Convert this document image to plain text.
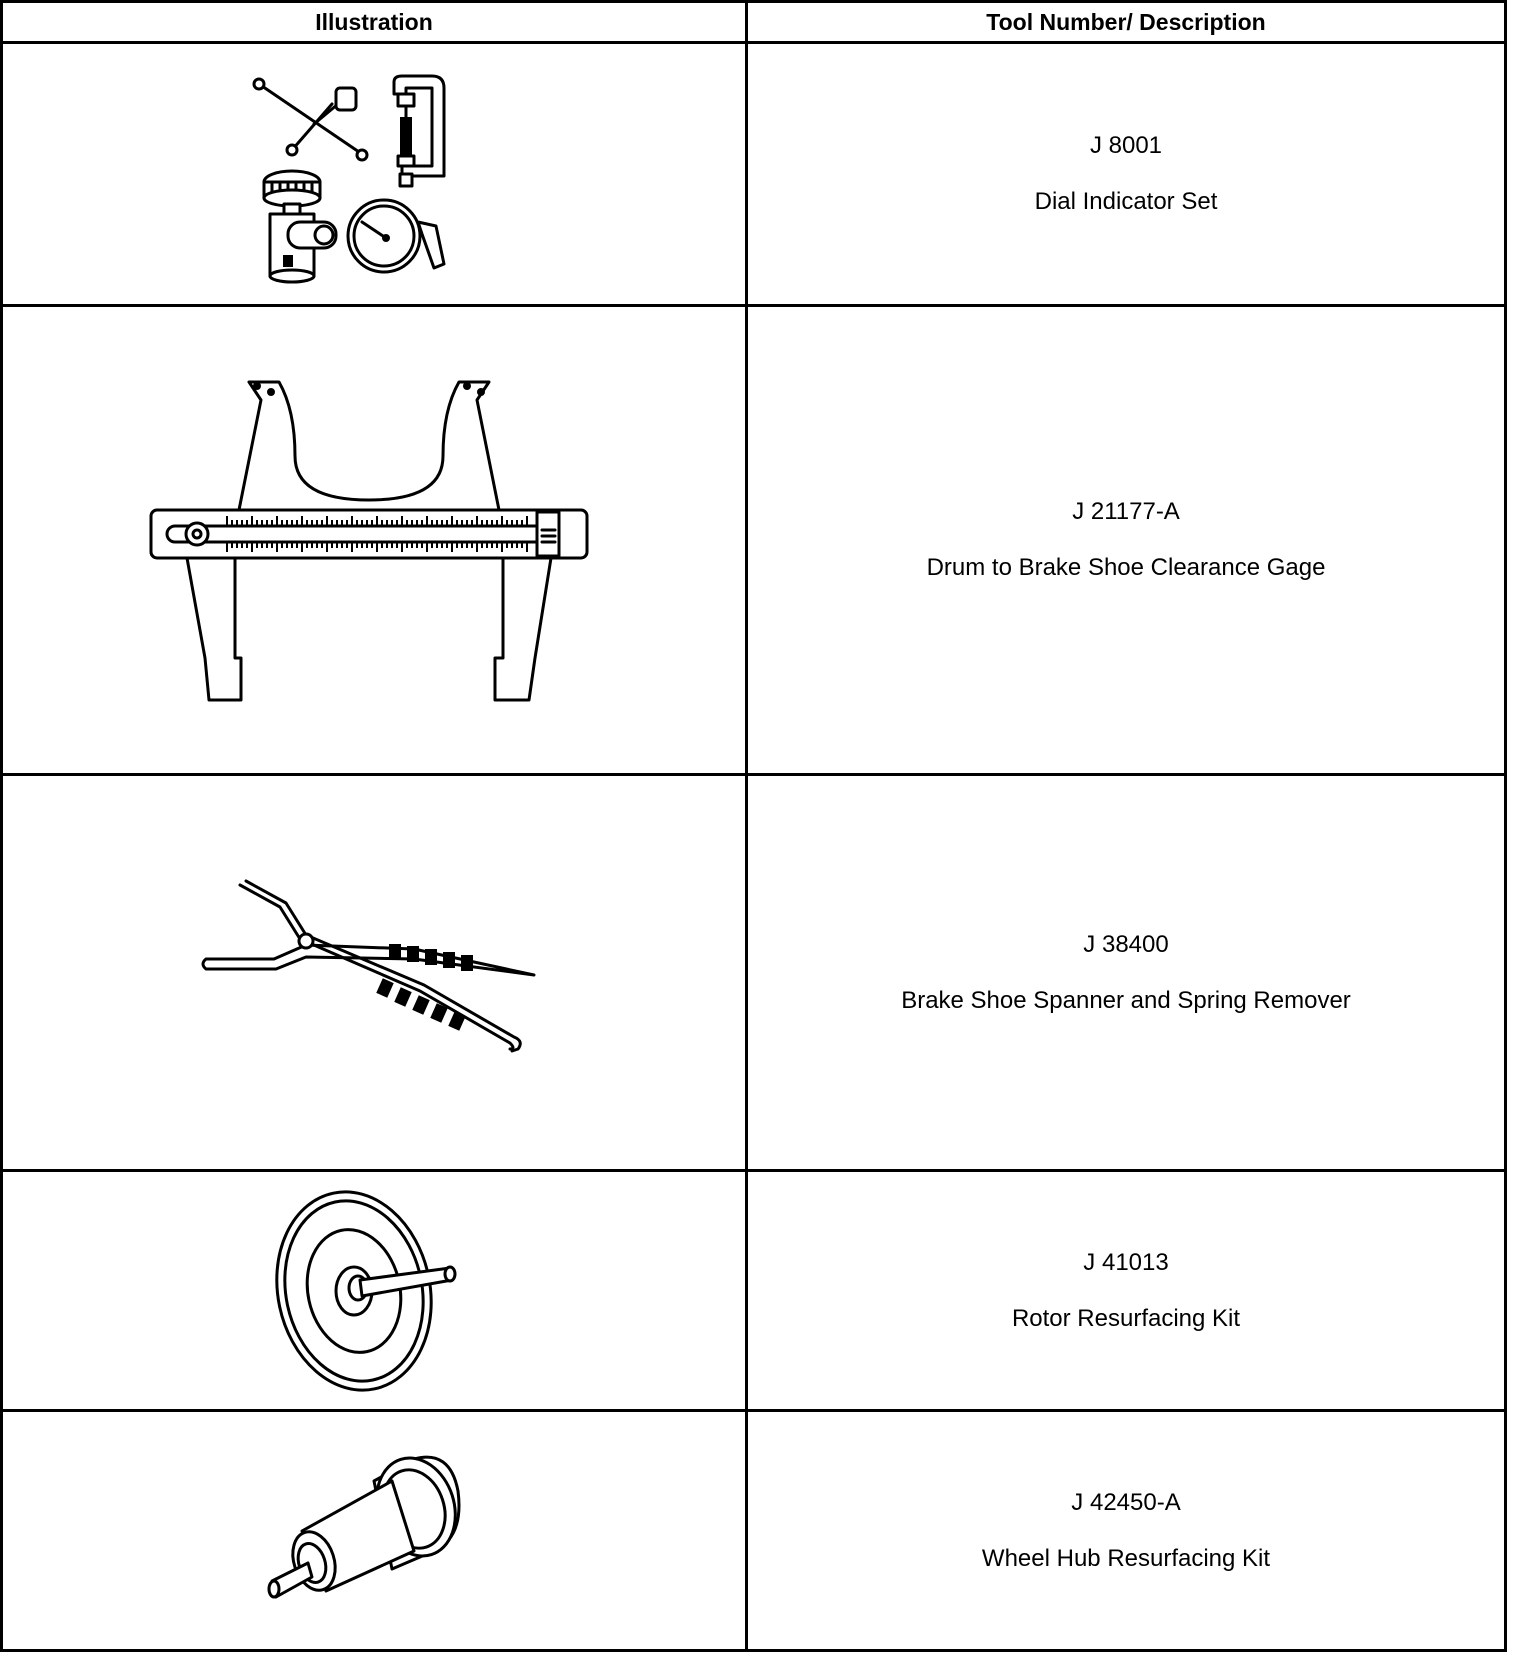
Illustration	Tool Number/ Description

J 8001
Dial Indicator Set

J 21177-A
Drum to Brake Shoe Clearance Gage

J 38400
Brake Shoe Spanner and Spring Remover

J 41013
Rotor Resurfacing Kit

J 42450-A
Wheel Hub Resurfacing Kit
